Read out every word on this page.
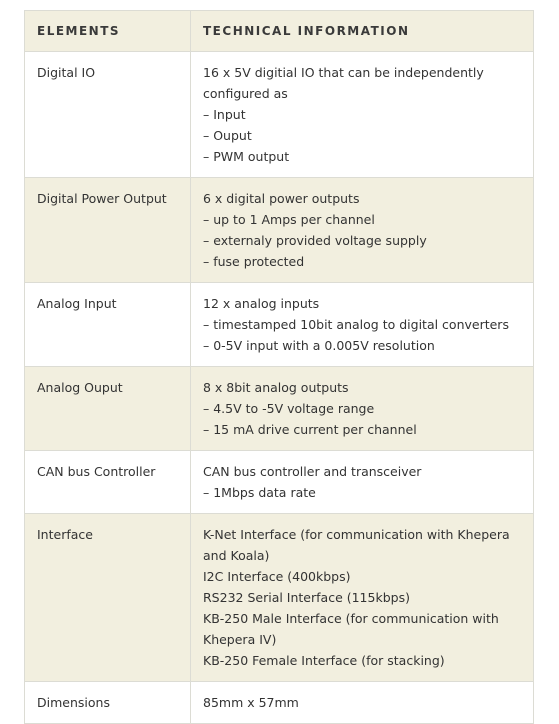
ELEMENTS	TECHNICAL INFORMATION
Digital IO	16 x 5V digitial IO that can be independently configured as
– Input
– Ouput
– PWM output

Digital Power Output	6 x digital power outputs
– up to 1 Amps per channel
– externaly provided voltage supply
– fuse protected

Analog Input	12 x analog inputs
– timestamped 10bit analog to digital converters
– 0-5V input with a 0.005V resolution

Analog Ouput	8 x 8bit analog outputs
– 4.5V to -5V voltage range
– 15 mA drive current per channel

CAN bus Controller	CAN bus controller and transceiver
– 1Mbps data rate

Interface	K-Net Interface (for communication with Khepera and Koala)
I2C Interface (400kbps)
RS232 Serial Interface (115kbps)
KB-250 Male Interface (for communication with Khepera IV)
KB-250 Female Interface (for stacking)

Dimensions	85mm x 57mm
